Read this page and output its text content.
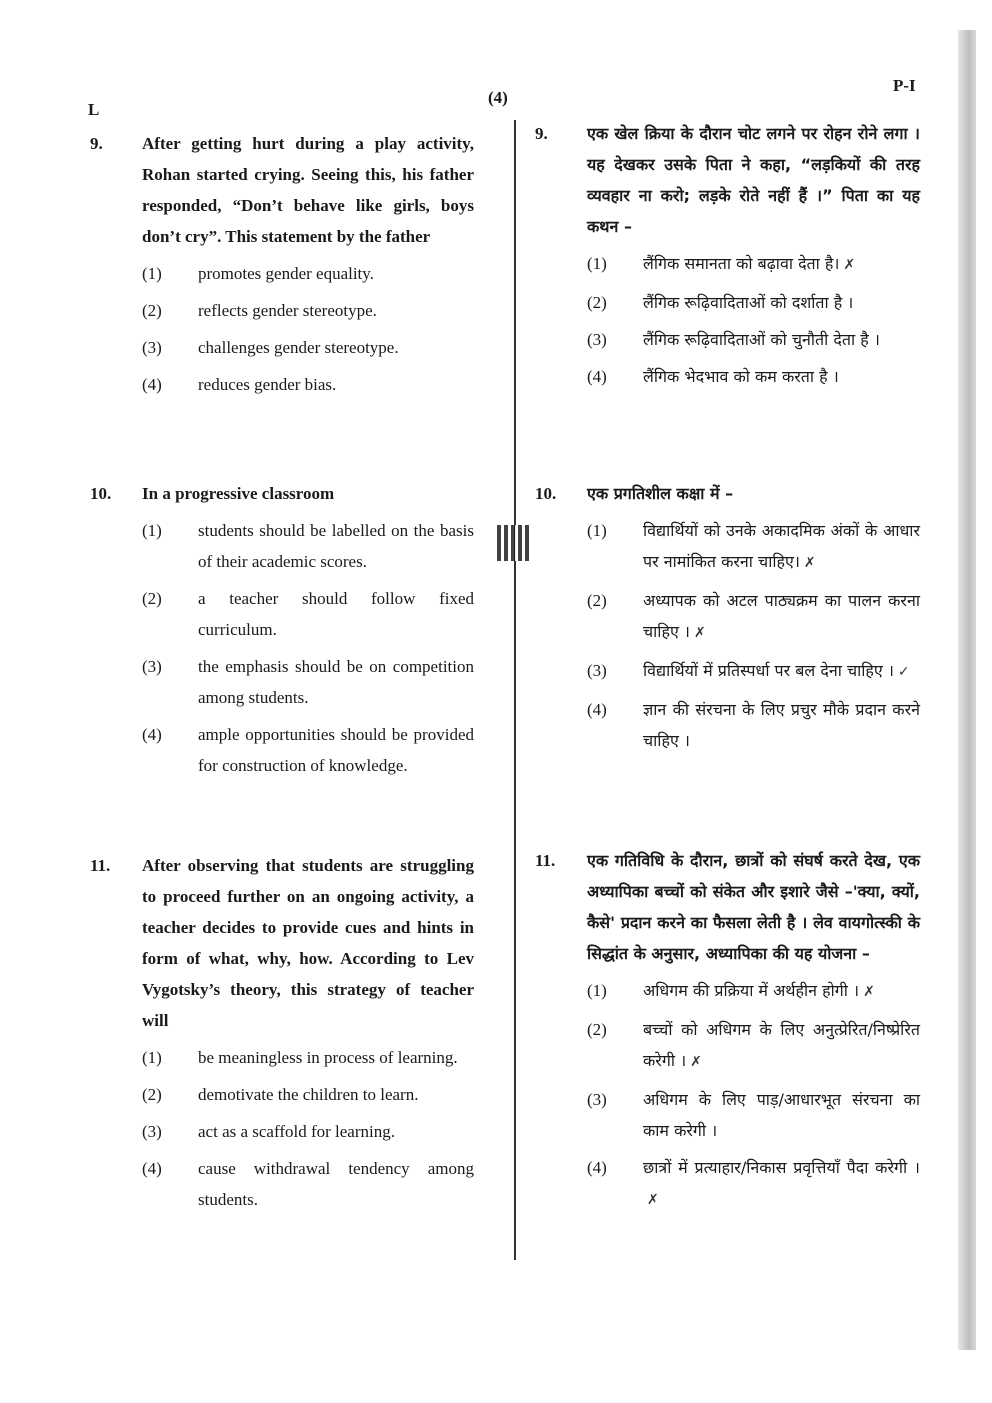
L
(4)
P-I
9. After getting hurt during a play activity, Rohan started crying. Seeing this, his father responded, “Don’t behave like girls, boys don’t cry”. This statement by the father
(1) promotes gender equality.
(2) reflects gender stereotype.
(3) challenges gender stereotype.
(4) reduces gender bias.
10. In a progressive classroom
(1) students should be labelled on the basis of their academic scores.
(2) a teacher should follow fixed curriculum.
(3) the emphasis should be on competition among students.
(4) ample opportunities should be provided for construction of knowledge.
11. After observing that students are struggling to proceed further on an ongoing activity, a teacher decides to provide cues and hints in form of what, why, how. According to Lev Vygotsky’s theory, this strategy of teacher will
(1) be meaningless in process of learning.
(2) demotivate the children to learn.
(3) act as a scaffold for learning.
(4) cause withdrawal tendency among students.
9. एक खेल क्रिया के दौरान चोट लगने पर रोहन रोने लगा । यह देखकर उसके पिता ने कहा, “लड़कियों की तरह व्यवहार ना करो; लड़के रोते नहीं हैं ।” पिता का यह कथन –
(1) लैंगिक समानता को बढ़ावा देता है। ✗
(2) लैंगिक रूढ़िवादिताओं को दर्शाता है ।
(3) लैंगिक रूढ़िवादिताओं को चुनौती देता है ।
(4) लैंगिक भेदभाव को कम करता है ।
10. एक प्रगतिशील कक्षा में –
(1) विद्यार्थियों को उनके अकादमिक अंकों के आधार पर नामांकित करना चाहिए। ✗
(2) अध्यापक को अटल पाठ्यक्रम का पालन करना चाहिए । ✗
(3) विद्यार्थियों में प्रतिस्पर्धा पर बल देना चाहिए । ✓
(4) ज्ञान की संरचना के लिए प्रचुर मौके प्रदान करने चाहिए ।
11. एक गतिविधि के दौरान, छात्रों को संघर्ष करते देख, एक अध्यापिका बच्चों को संकेत और इशारे जैसे –'क्या, क्यों, कैसे' प्रदान करने का फैसला लेती है । लेव वायगोत्स्की के सिद्धांत के अनुसार, अध्यापिका की यह योजना –
(1) अधिगम की प्रक्रिया में अर्थहीन होगी । ✗
(2) बच्चों को अधिगम के लिए अनुत्प्रेरित/निष्प्रेरित करेगी । ✗
(3) अधिगम के लिए पाड़/आधारभूत संरचना का काम करेगी ।
(4) छात्रों में प्रत्याहार/निकास प्रवृत्तियाँ पैदा करेगी ।✗
